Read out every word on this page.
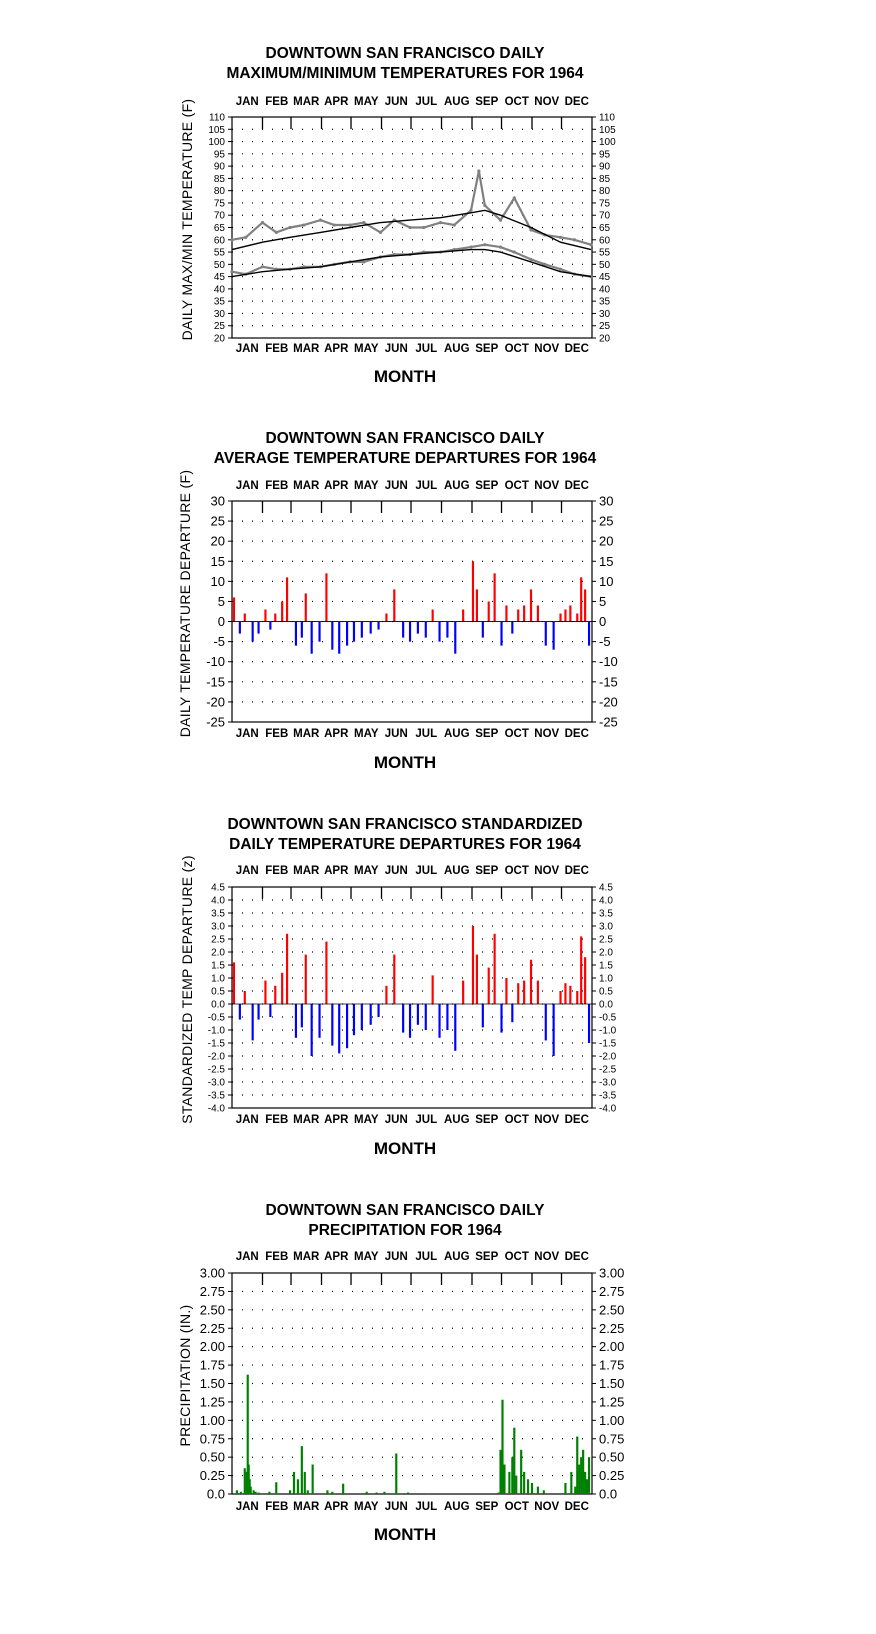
DOWNTOWN SAN FRANCISCO DAILY
MAXIMUM/MINIMUM TEMPERATURES FOR 1964
110	110
105	105
100	100
95	95
90	90
85	85
80	80
75	75
70	70
65	65
60	60
55	55
50	50
45	45
40	40
35	35
30	30
25	25
20	20
JAN
JAN
FEB
FEB
MAR
MAR
APR
APR
MAY
MAY
JUN
JUN
JUL
JUL
AUG
AUG
SEP
SEP
OCT
OCT
NOV
NOV
DEC
DEC
MONTH
DAILY MAX/MIN TEMPERATURE (F)
DOWNTOWN SAN FRANCISCO DAILY
AVERAGE TEMPERATURE DEPARTURES FOR 1964
30	30
25	25
20	20
15	15
10	10
5	5
0	0
-5	-5
-10	-10
-15	-15
-20	-20
-25	-25
JAN
JAN
FEB
FEB
MAR
MAR
APR
APR
MAY
MAY
JUN
JUN
JUL
JUL
AUG
AUG
SEP
SEP
OCT
OCT
NOV
NOV
DEC
DEC
MONTH
DAILY TEMPERATURE DEPARTURE (F)
DOWNTOWN SAN FRANCISCO STANDARDIZED
DAILY TEMPERATURE DEPARTURES FOR 1964
4.5	4.5
4.0	4.0
3.5	3.5
3.0	3.0
2.5	2.5
2.0	2.0
1.5	1.5
1.0	1.0
0.5	0.5
0.0	0.0
-0.5	-0.5
-1.0	-1.0
-1.5	-1.5
-2.0	-2.0
-2.5	-2.5
-3.0	-3.0
-3.5	-3.5
-4.0	-4.0
JAN
JAN
FEB
FEB
MAR
MAR
APR
APR
MAY
MAY
JUN
JUN
JUL
JUL
AUG
AUG
SEP
SEP
OCT
OCT
NOV
NOV
DEC
DEC
MONTH
STANDARDIZED TEMP DEPARTURE (z)
DOWNTOWN SAN FRANCISCO DAILY
PRECIPITATION FOR 1964
3.00	3.00
2.75	2.75
2.50	2.50
2.25	2.25
2.00	2.00
1.75	1.75
1.50	1.50
1.25	1.25
1.00	1.00
0.75	0.75
0.50	0.50
0.25	0.25
0.0	0.0
JAN
JAN
FEB
FEB
MAR
MAR
APR
APR
MAY
MAY
JUN
JUN
JUL
JUL
AUG
AUG
SEP
SEP
OCT
OCT
NOV
NOV
DEC
DEC
MONTH
PRECIPITATION (IN.)
